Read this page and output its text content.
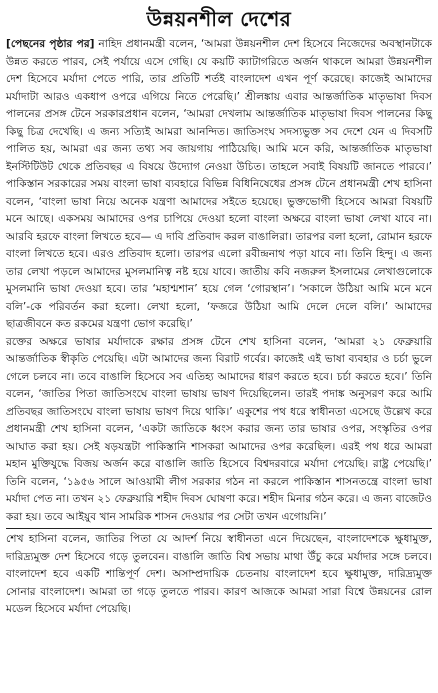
উন্নয়নশীল দেশের

[পেছনের পৃষ্ঠার পর] নাহিদ প্রধানমন্ত্রী বলেন, ‘আমরা উন্নয়নশীল দেশ হিসেবে নিজেদের অবস্থানটাকে উন্নত করতে পারব, সেই পর্যায়ে এসে গেছি। যে কয়টি ক্যাটাগরিতে অর্জন থাকলে আমরা উন্নয়নশীল দেশ হিসেবে মর্যাদা পেতে পারি, তার প্রতিটি শর্তই বাংলাদেশ এখন পূর্ণ করেছে। কাজেই আমাদের মর্যাদাটা আরও একধাপ ওপরে এগিয়ে নিতে পেরেছি।’ শ্রীলঙ্কায় এবার আন্তর্জাতিক মাতৃভাষা দিবস পালনের প্রসঙ্গ টেনে সরকারপ্রধান বলেন, ‘আমরা দেখলাম আন্তর্জাতিক মাতৃভাষা দিবস পালনের কিছু কিছু চিত্র দেখেছি। এ জন্য সত্যিই আমরা আনন্দিত। জাতিসংঘ সদস্যভুক্ত সব দেশে যেন এ দিবসটি পালিত হয়, আমরা এর জন্য তথ্য সব জায়গায় পাঠিয়েছি। আমি মনে করি, আন্তর্জাতিক মাতৃভাষা ইনস্টিটিউট থেকে প্রতিবছর এ বিষয়ে উদ্যোগ নেওয়া উচিত। তাহলে সবাই বিষয়টি জানতে পারবে।’ পাকিস্তান সরকারের সময় বাংলা ভাষা ব্যবহারে বিভিন্ন বিধিনিষেধের প্রসঙ্গ টেনে প্রধানমন্ত্রী শেখ হাসিনা বলেন, ‘বাংলা ভাষা নিয়ে অনেক যন্ত্রণা আমাদের সইতে হয়েছে। ভুক্তভোগী হিসেবে আমরা বিষয়টি মনে আছে। একসময় আমাদের ওপর চাপিয়ে দেওয়া হলো বাংলা অক্ষরে বাংলা ভাষা লেখা যাবে না। আরবি হরফে বাংলা লিখতে হবে— এ দাবি প্রতিবাদ করল বাঙালিরা। তারপর বলা হলো, রোমান হরফে বাংলা লিখতে হবে। এরও প্রতিবাদ হলো। তারপর এলো রবীন্দ্রনাথ পড়া যাবে না। তিনি হিন্দু। এ জন্য তার লেখা পড়লে আমাদের মুসলমানিত্ব নষ্ট হয়ে যাবে। জাতীয় কবি নজরুল ইসলামের লেখাগুলোকে মুসলমানি ভাষা দেওয়া হবে। তার ‘মহাশ্মশান’ হয়ে গেল ‘গোরস্থান’। ‘সকালে উঠিয়া আমি মনে মনে বলি’-কে পরিবর্তন করা হলো। লেখা হলো, ‘ফজরে উঠিয়া আমি দেলে দেলে বলি।’ আমাদের ছাত্রজীবনে কত রকমের যন্ত্রণা ভোগ করেছি।’

রক্তের অক্ষরে ভাষার মর্যাদাকে রক্ষার প্রসঙ্গ টেনে শেখ হাসিনা বলেন, ‘আমরা ২১ ফেব্রুয়ারি আন্তর্জাতিক স্বীকৃতি পেয়েছি। এটা আমাদের জন্য বিরাট গর্বের। কাজেই এই ভাষা ব্যবহার ও চর্চা ভুলে গেলে চলবে না। তবে বাঙালি হিসেবে সব এতিহ্য আমাদের ধারণ করতে হবে। চর্চা করতে হবে।’ তিনি বলেন, ‘জাতির পিতা জাতিসংঘে বাংলা ভাষায় ভাষণ দিয়েছিলেন। তারই পদাঙ্ক অনুসরণ করে আমি প্রতিবছর জাতিসংঘে বাংলা ভাষায় ভাষণ দিয়ে থাকি।’ একুশের পথ ধরে স্বাধীনতা এসেছে উল্লেখ করে প্রধানমন্ত্রী শেখ হাসিনা বলেন, ‘একটা জাতিকে ধ্বংস করার জন্য তার ভাষার ওপর, সংস্কৃতির ওপর আঘাত করা হয়। সেই ষড়যন্ত্রটা পাকিস্তানি শাসকরা আমাদের ওপর করেছিল। এরই পথ ধরে আমরা মহান মুক্তিযুদ্ধে বিজয় অর্জন করে বাঙালি জাতি হিসেবে বিশ্বদরবারে মর্যাদা পেয়েছি। রাষ্ট্র পেয়েছি।’ তিনি বলেন, ‘১৯৫৬ সালে আওয়ামী লীগ সরকার গঠন না করলে পাকিস্তান শাসনতন্ত্রে বাংলা ভাষা মর্যাদা পেত না। তখন ২১ ফেব্রুয়ারি শহীদ দিবস ঘোষণা করে। শহীদ মিনার গঠন করে। এ জন্য বাজেটও করা হয়। তবে আইয়ুব খান সামরিক শাসন দেওয়ার পর সেটা তখন এগোয়নি।’

শেখ হাসিনা বলেন, জাতির পিতা যে আদর্শ নিয়ে স্বাধীনতা এনে দিয়েছেন, বাংলাদেশকে ক্ষুধামুক্ত, দারিদ্র্যমুক্ত দেশ হিসেবে গড়ে তুলবেন। বাঙালি জাতি বিশ্ব সভায় মাথা উঁচু করে মর্যাদার সঙ্গে চলবে। বাংলাদেশ হবে একটি শান্তিপূর্ণ দেশ। অসাম্প্রদায়িক চেতনায় বাংলাদেশ হবে ক্ষুধামুক্ত, দারিদ্র্যমুক্ত সোনার বাংলাদেশ। আমরা তা গড়ে তুলতে পারব। কারণ আজকে আমরা সারা বিশ্বে উন্নয়নের রোল মডেল হিসেবে মর্যাদা পেয়েছি।
